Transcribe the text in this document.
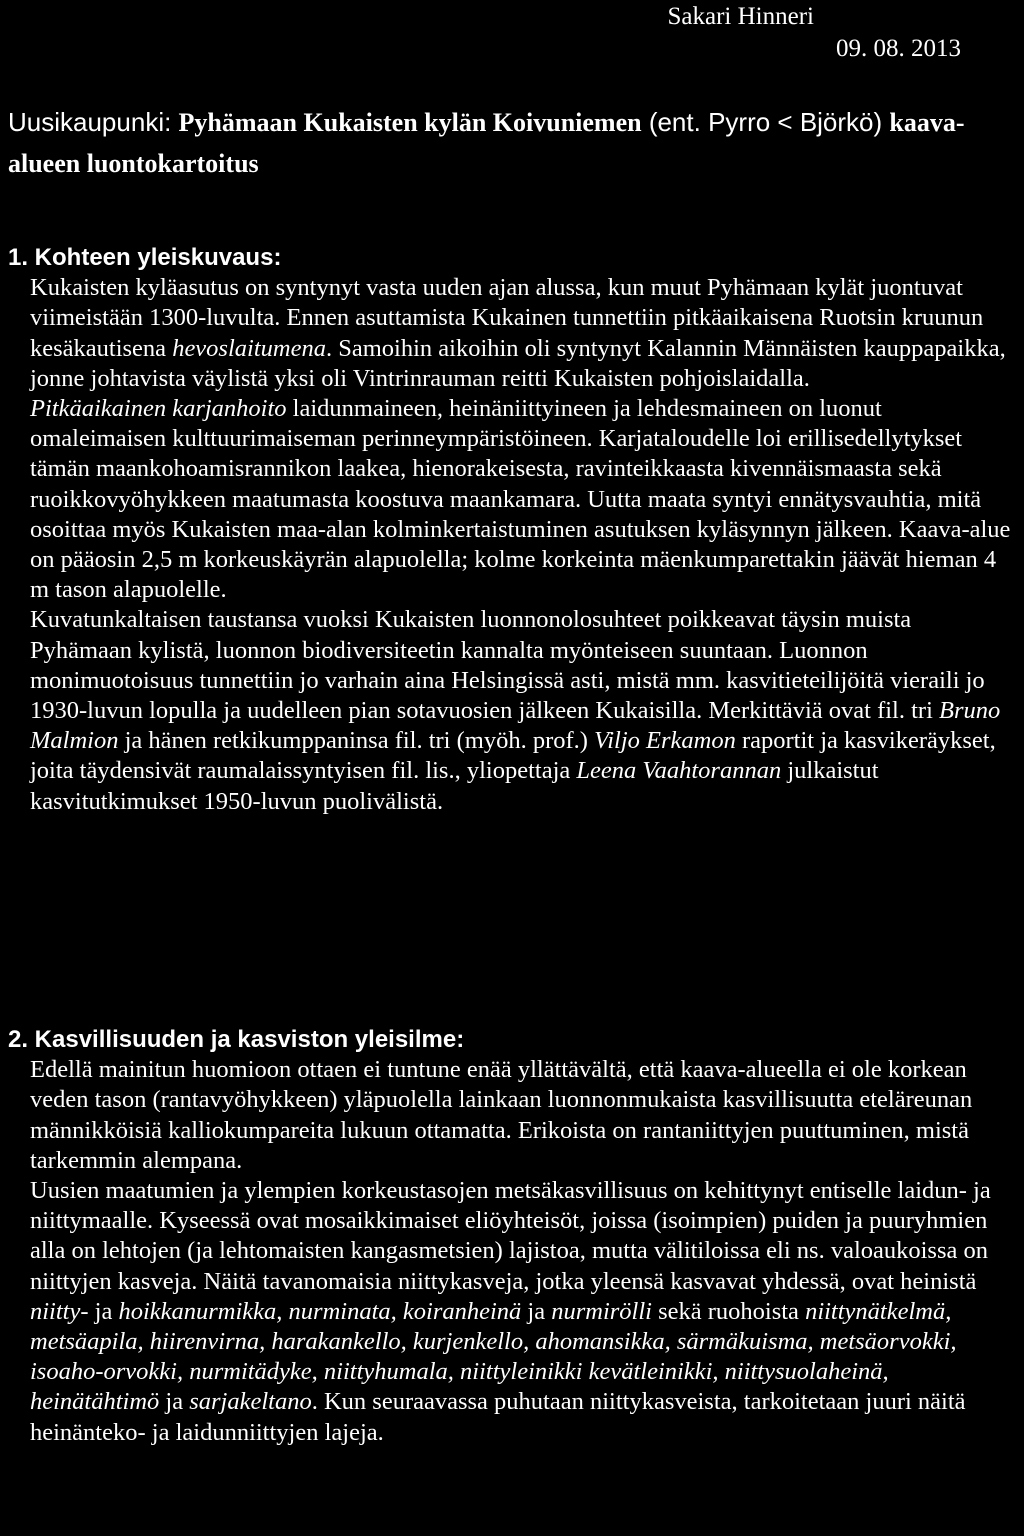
Sakari Hinneri
09. 08. 2013
Uusikaupunki: Pyhämaan Kukaisten kylän Koivuniemen (ent. Pyrro < Björkö) kaava-alueen luontokartoitus
1. Kohteen yleiskuvaus:

Kukaisten kyläasutus on syntynyt vasta uuden ajan alussa, kun muut Pyhämaan kylät juontuvat viimeistään 1300-luvulta. Ennen asuttamista Kukainen tunnettiin pitkäaikaisena Ruotsin kruunun kesäkautisena hevoslaitumena. Samoihin aikoihin oli syntynyt Kalannin Männäisten kauppapaikka, jonne johtavista väylistä yksi oli Vintrinrauman reitti Kukaisten pohjoislaidalla.

Pitkäaikainen karjanhoito laidunmaineen, heinäniittyineen ja lehdesmaineen on luonut omaleimaisen kulttuurimaiseman perinneympäristöineen. Karjataloudelle loi erillisedellytykset tämän maankohoamisrannikon laakea, hienorakeisesta, ravinteikkaasta kivennäismaasta sekä ruoikkovyöhykkeen maatumasta koostuva maankamara. Uutta maata syntyi ennätysvauhtia, mitä osoittaa myös Kukaisten maa-alan kolminkertaistuminen asutuksen kyläsynnyn jälkeen. Kaava-alue on pääosin 2,5 m korkeuskäyrän alapuolella; kolme korkeinta mäenkumparettakin jäävät hieman 4 m tason alapuolelle.

Kuvatunkaltaisen taustansa vuoksi Kukaisten luonnonolosuhteet poikkeavat täysin muista Pyhämaan kylistä, luonnon biodiversiteetin kannalta myönteiseen suuntaan. Luonnon monimuotoisuus tunnettiin jo varhain aina Helsingissä asti, mistä mm. kasvitieteilijöitä vieraili jo 1930-luvun lopulla ja uudelleen pian sotavuosien jälkeen Kukaisilla. Merkittäviä ovat fil. tri Bruno Malmion ja hänen retkikumppaninsa fil. tri (myöh. prof.) Viljo Erkamon raportit ja kasvikeräykset, joita täydensivät raumalaissyntyisen fil. lis., yliopettaja Leena Vaahtorannan julkaistut kasvitutkimukset 1950-luvun puolivälistä.

2. Kasvillisuuden ja kasviston yleisilme:

Edellä mainitun huomioon ottaen ei tuntune enää yllättävältä, että kaava-alueella ei ole korkean veden tason (rantavyöhykkeen) yläpuolella lainkaan luonnonmukaista kasvillisuutta eteläreunan männikköisiä kalliokumpareita lukuun ottamatta. Erikoista on rantaniittyjen puuttuminen, mistä tarkemmin alempana.

Uusien maatumien ja ylempien korkeustasojen metsäkasvillisuus on kehittynyt entiselle laidun- ja niittymaalle. Kyseessä ovat mosaikkimaiset eliöyhteisöt, joissa (isoimpien) puiden ja puuryhmien alla on lehtojen (ja lehtomaisten kangasmetsien) lajistoa, mutta välitiloissa eli ns. valoaukoissa on niittyjen kasveja. Näitä tavanomaisia niittykasveja, jotka yleensä kasvavat yhdessä, ovat heinistä niitty- ja hoikkanurmikka, nurminata, koiranheinä ja nurmirölli sekä ruohoista niittynätkelmä, metsäapila, hiirenvirna, harakankello, kurjenkello, ahomansikka, särmäkuisma, metsäorvokki, isoaho-orvokki, nurmitädyke, niittyhumala, niittyleinikki kevätleinikki, niittysuolaheinä, heinätähtimö ja sarjakeltano. Kun seuraavassa puhutaan niittykasveista, tarkoitetaan juuri näitä heinänteko- ja laidunniittyjen lajeja.
